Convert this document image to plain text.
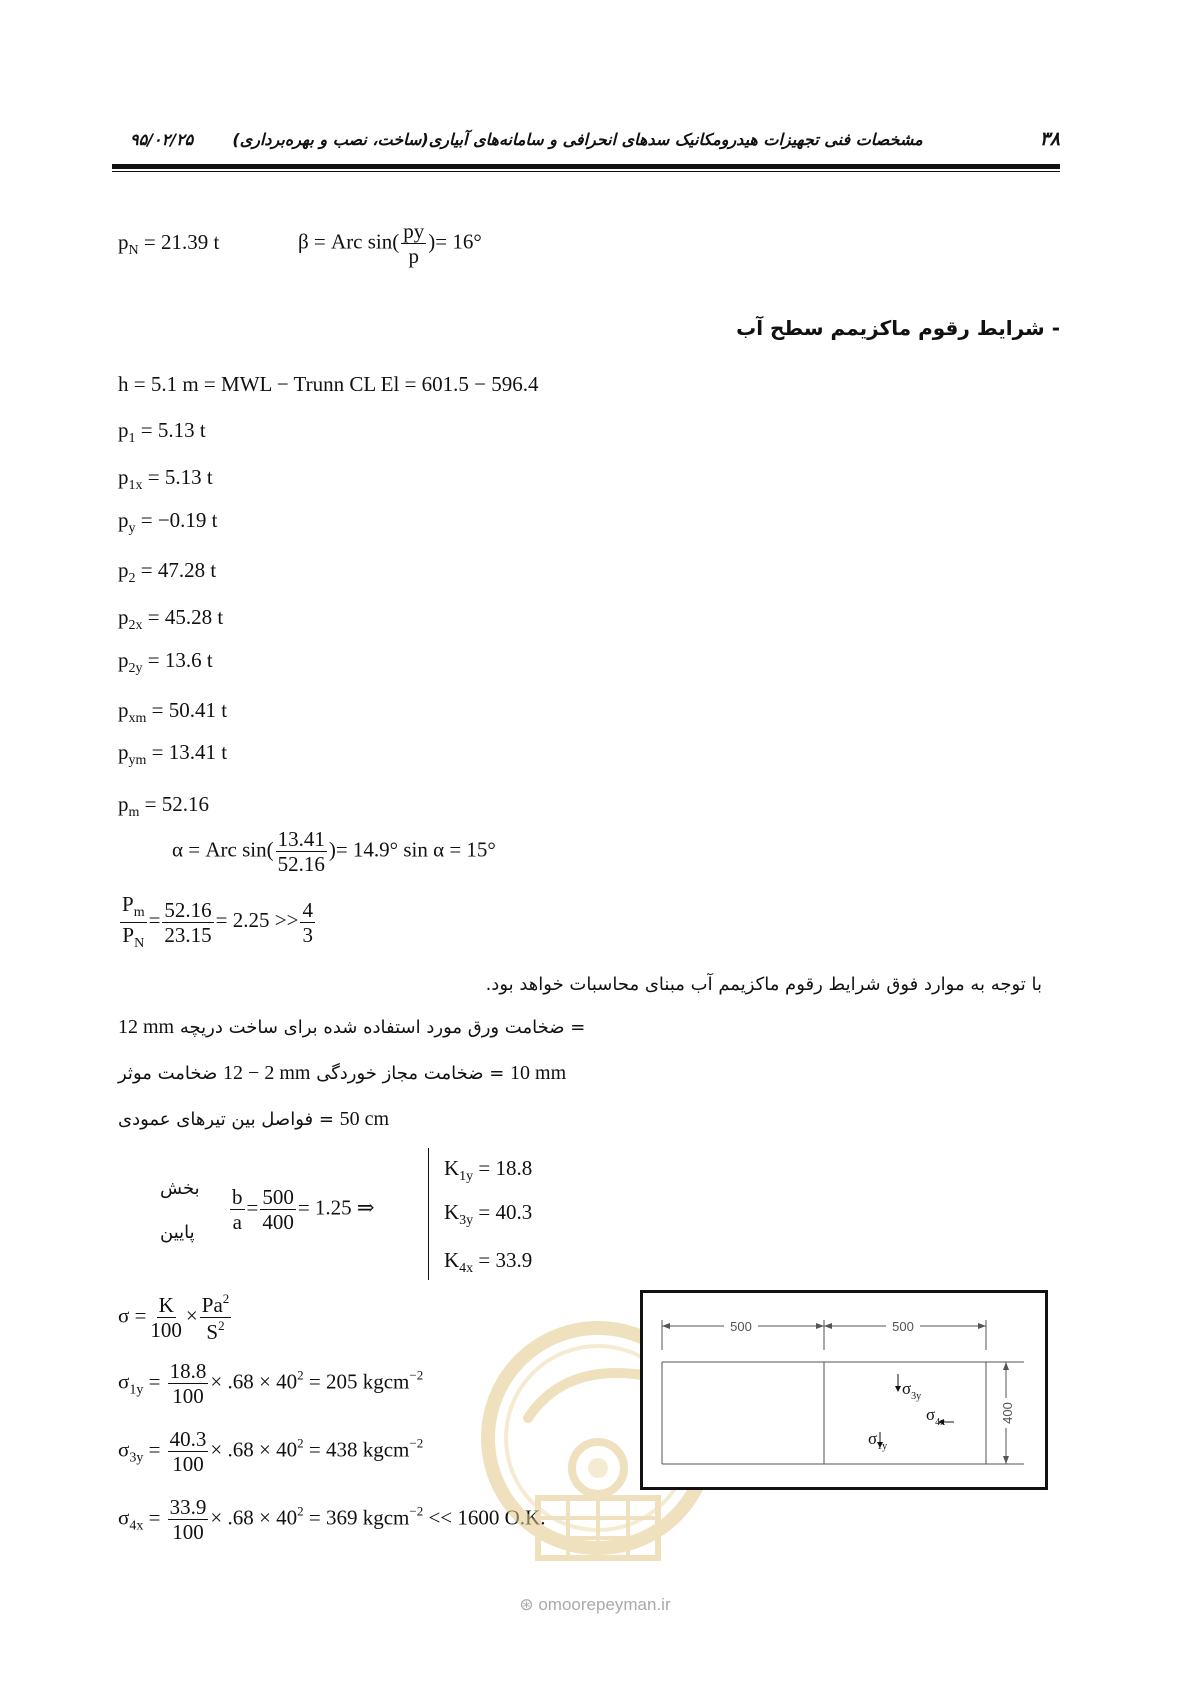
۳۸
مشخصات فنی تجهیزات هیدرومکانیک سدهای انحرافی و سامانه‌های آبیاری(ساخت، نصب و بهره‌برداری)  ۹۵/۰۲/۲۵
$p_N = 21.39$ t	β = Arc $\sin( \frac{py}{p}$ )= 16°
- شرایط رقوم ماکزیمم سطح آب
h = 5.1 m = MWL − Trunn CL El = 601.5 − 596.4
$p_1 = 5.13$ t
$p_{1x} = 5.13$ t
$p_y = -0.19$ t
$p_2 = 47.28$ t
$p_{2x} = 45.28$ t
$p_{2y} = 13.6$ t
$p_{xm} = 50.41$ t
$p_{ym} = 13.41$ t
$p_m = 52.16$
α = Arc $\sin( \frac{13.41}{52.16}$ )= 14.9° sin α = 15°
$\frac{P_m}{P_N} = \frac{52.16}{23.15} = 2.25 >> \frac{4}{3}$
با توجه به موارد فوق شرایط رقوم ماکزیمم آب مبنای محاسبات خواهد بود.
12 mm = ضخامت ورق مورد استفاده شده برای ساخت دریچه
ضخامت موثر 12 − 2 mm = ضخامت مجاز خوردگی 10 mm
= فواصل بین تیرهای عمودی 50 cm
بخش
پایین $\frac{b}{a} = \frac{500}{400} = 1.25$ ⇒
$K_{1y} = 18.8$
$K_{3y} = 40.3$
$K_{4x} = 33.9$
$\sigma = \frac{K}{100} \times \frac{Pa^2}{S^2}$
$\sigma_{1y} = \frac{18.8}{100} \times .68 \times 40^2 = 205$ kgcm$^{-2}$
$\sigma_{3y} = \frac{40.3}{100} \times .68 \times 40^2 = 438$ kgcm$^{-2}$
$\sigma_{4x} = \frac{33.9}{100} \times .68 \times 40^2 = 369$ kgcm$^{-2}$ << 1600 O.K.
500	500
400
$\sigma_{3y}$
$\sigma_{4x}$
$\sigma_{1y}$
⊛ omoorepeyman.ir
